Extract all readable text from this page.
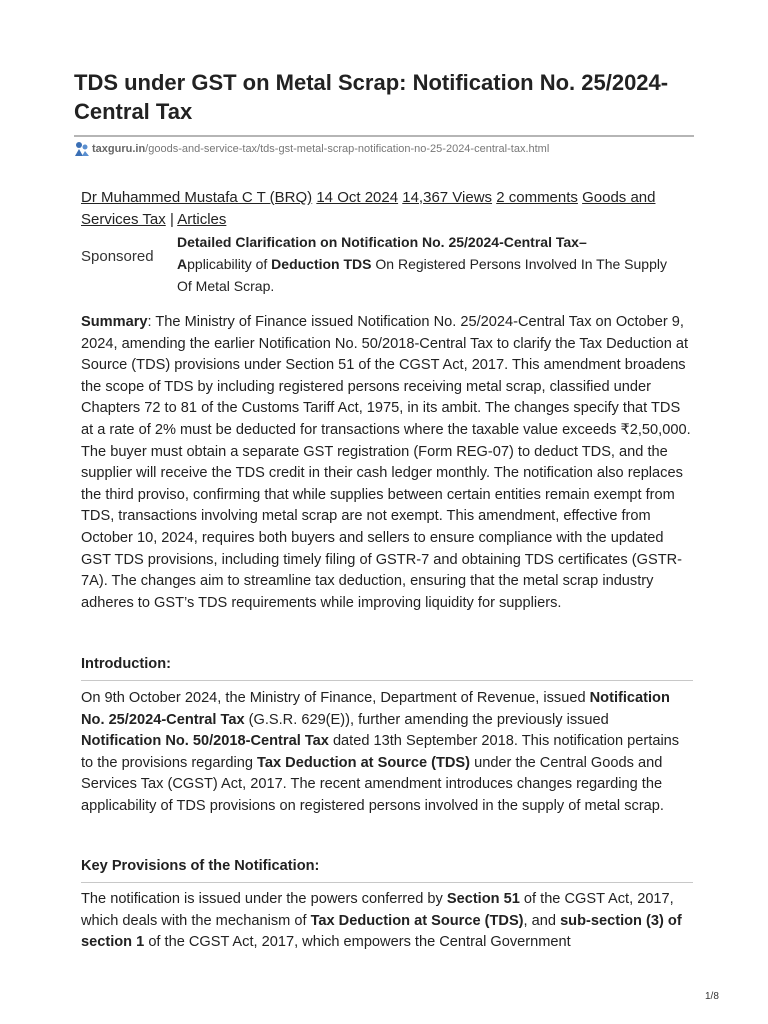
TDS under GST on Metal Scrap: Notification No. 25/2024-Central Tax
taxguru.in /goods-and-service-tax/tds-gst-metal-scrap-notification-no-25-2024-central-tax.html
Dr Muhammed Mustafa C T (BRQ) 14 Oct 2024 14,367 Views 2 comments Goods and Services Tax | Articles
Sponsored
Detailed Clarification on Notification No. 25/2024-Central Tax–
Applicability of Deduction TDS On Registered Persons Involved In The Supply Of Metal Scrap.

Summary: The Ministry of Finance issued Notification No. 25/2024-Central Tax on October 9, 2024, amending the earlier Notification No. 50/2018-Central Tax to clarify the Tax Deduction at Source (TDS) provisions under Section 51 of the CGST Act, 2017. This amendment broadens the scope of TDS by including registered persons receiving metal scrap, classified under Chapters 72 to 81 of the Customs Tariff Act, 1975, in its ambit. The changes specify that TDS at a rate of 2% must be deducted for transactions where the taxable value exceeds ₹2,50,000. The buyer must obtain a separate GST registration (Form REG-07) to deduct TDS, and the supplier will receive the TDS credit in their cash ledger monthly. The notification also replaces the third proviso, confirming that while supplies between certain entities remain exempt from TDS, transactions involving metal scrap are not exempt. This amendment, effective from October 10, 2024, requires both buyers and sellers to ensure compliance with the updated GST TDS provisions, including timely filing of GSTR-7 and obtaining TDS certificates (GSTR-7A). The changes aim to streamline tax deduction, ensuring that the metal scrap industry adheres to GST’s TDS requirements while improving liquidity for suppliers.

Introduction:

On 9th October 2024, the Ministry of Finance, Department of Revenue, issued Notification No. 25/2024-Central Tax (G.S.R. 629(E)), further amending the previously issued Notification No. 50/2018-Central Tax dated 13th September 2018. This notification pertains to the provisions regarding Tax Deduction at Source (TDS) under the Central Goods and Services Tax (CGST) Act, 2017. The recent amendment introduces changes regarding the applicability of TDS provisions on registered persons involved in the supply of metal scrap.

Key Provisions of the Notification:

The notification is issued under the powers conferred by Section 51 of the CGST Act, 2017, which deals with the mechanism of Tax Deduction at Source (TDS), and sub-section (3) of section 1 of the CGST Act, 2017, which empowers the Central Government

1/8
